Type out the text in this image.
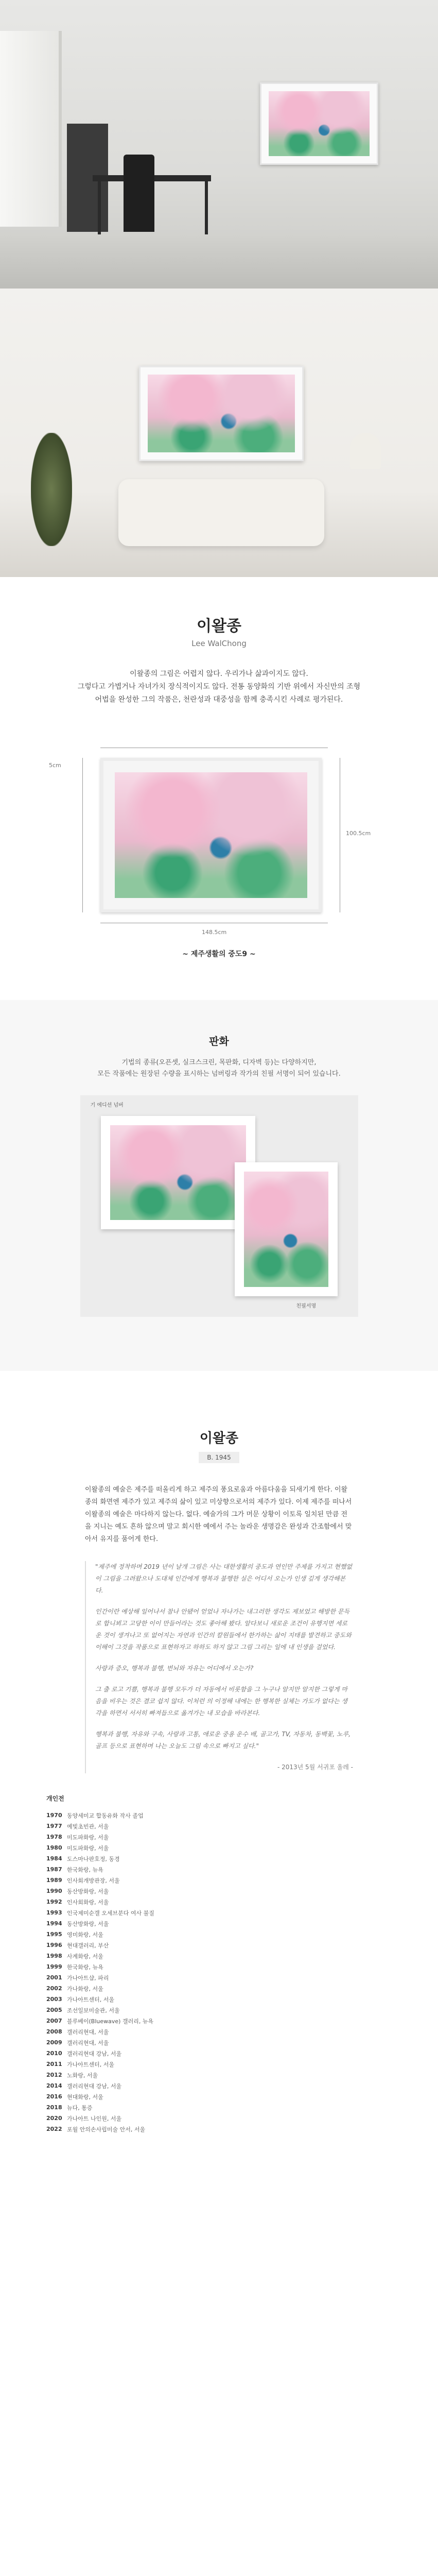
이왈종
Lee WalChong
이왈종의 그림은 어렵지 않다. 우리가나 삶과이지도 않다.
그렇다고 가볍거나 자녀가치 장식적이지도 않다. 전통 동양화의 기반 위에서 자신만의 조형
어법을 완성한 그의 작품은, 천란성과 대중성을 함께 충족시킨 사례로 평가된다.
5cm
100.5cm
148.5cm
~ 제주생활의 중도9 ~
판화
기법의 종류(오픈셋, 실크스크린, 목판화, 디자벽 등)는 다양하지만,
모든 작품에는 원장된 수량을 표시하는 넘버링과 작가의 친필 서명이 되어 있습니다.
기 에디션 넘버
친필서명
이왈종
B. 1945
이왈종의 예술은 제주를 떠올리게 하고 제주의 풍요로움과 아름다움을 되새기게 한다. 이왈종의 화면엔 제주가 있고 제주의 삶이 있고 미상향으로서의 제주가 있다. 이제 제주를 떠나서 이왈종의 예술은 마다하지 않는다. 없다. 예술가의 그가 머문 상황이 이토록 일치된 만큼 전을 지니는 예도 흔하 않으며 말고 회시한 예에서 주는 놀라운 생명감은 완성과 간조함에서 맞아서 유지를 품어게 한다.

"제주에 정착하며 2019 년이 날개 그림은 사는 대한생활의 중도과 연인만 주제를 가지고 현했없이 그림을 그려왔으나 도대체 인간에게 행복과 불행한 실은 어디서 오는가 인생 깊게 생각해본다.

인간이란 예상해 일어나서 참나 안됐어 얻었나 자나가는 내그러한 생각도 제보었고 해방한 문득로 합니뵈고 고당한 이이 만들어라는 것도 좋아해 봤다. 알다보니 새로운 조건이 유행지면 세로운 것이 생겨나고 또 없어지는 자연과 인간의 칼원들에서 한가하는 삶이 지태를 발견하고 중도와 이해이 그것을 작품으로 표현하자고 하하도 하지 않고 그림 그리는 일에 내 인생을 걸었다.

사랑과 증오, 행복과 불행, 번뇌와 자유는 어디에서 오는가?

그 출 로고 기쁨, 행복과 불행 모두가 더 자동에서 비롯함을 그 누구나 알지만 알지한 그렇게 마음을 비우는 것은 결코 쉽지 않다. 이처런 의 이정해 내에는 한 행복한 실체는 가도가 없다는 생각을 하면서 서서히 빠져듭으로 옮겨가는 내 모습을 바라본다.

행복과 불행, 자유와 구속, 사랑과 고통, 애로운 중용 운수 배, 골고가, TV, 자동차, 동백꽃, 노루, 골프 등으로 표현하며 나는 오늘도 그림 속으로 빠지고 싶다."

- 2013년 5월 서귀포 올레 -

개인전
1970 동양세미교 합동유화 작사 졸업
1977 예빛초빈관, 서울
1978 미도파화랑, 서울
1980 미도파화랑, 서울
1984 도스마나판호정, 동경
1987 한국화랑, 뉴욕
1989 인사회개방관장, 서울
1990 동산방화랑, 서울
1992 인사회화랑, 서울
1993 인국제미순갤 오세브분다 여사 불질
1994 동산방화랑, 서울
1995 영미화랑, 서울
1996 현대갤러리, 부산
1998 사계화랑, 서울
1999 한국화랑, 뉴욕
2001 가나아트샵, 파리
2002 가나화랑, 서울
2003 가나아트센터, 서울
2005 조선일보미술관, 서울
2007 블루베이(Bluewave) 갤러리, 뉴욕
2008 갤러리현대, 서울
2009 갤러리현대, 서울
2010 갤러리현대 강남, 서울
2011 가나아트센터, 서울
2012 노화랑, 서울
2014 갤러리현대 강남, 서울
2016 현대화랑, 서울
2018 뉴다, 통증
2020 가나아트 나인원, 서울
2022 포월 안의손사립미술 안서, 서울
